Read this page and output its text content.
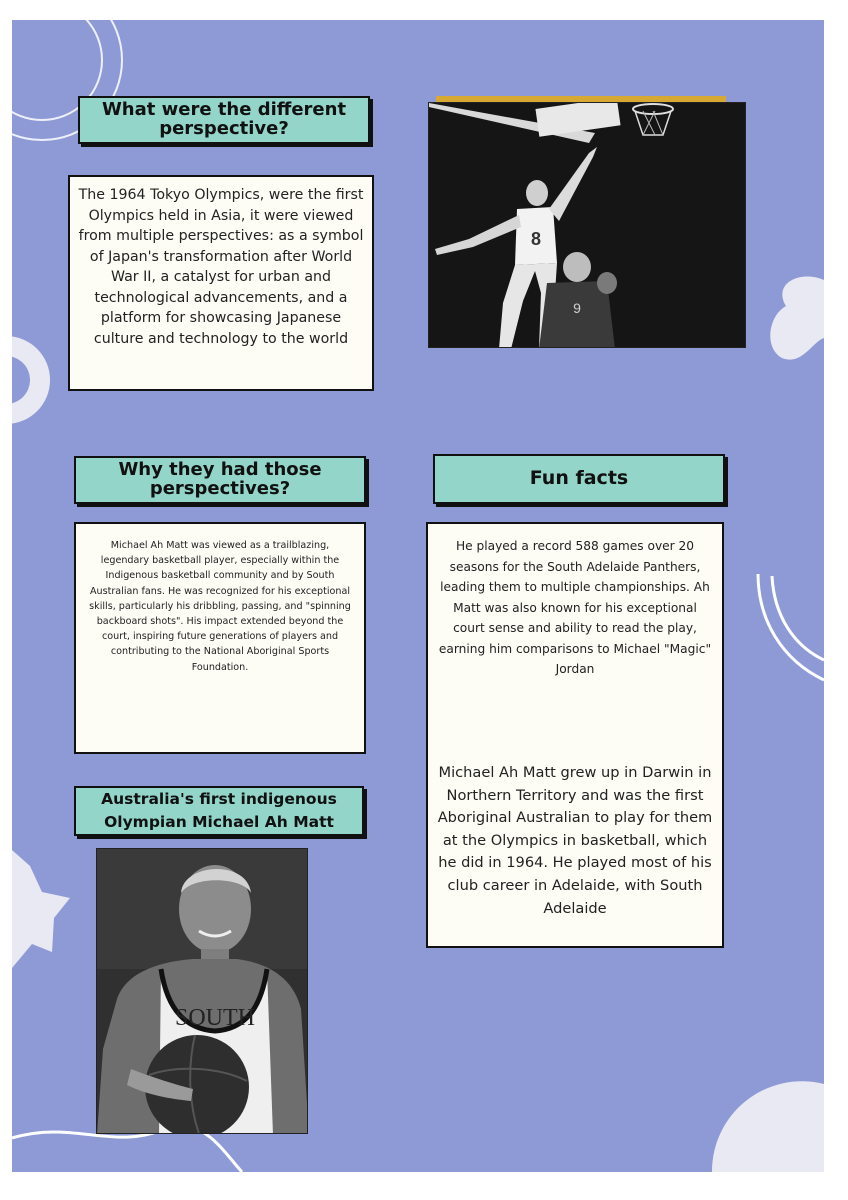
What were the different perspective?
The 1964 Tokyo Olympics, were the first Olympics held in Asia, it were viewed from multiple perspectives: as a symbol of Japan's transformation after World War II, a catalyst for urban and technological advancements, and a platform for showcasing Japanese culture and technology to the world
8
9
Why they had those perspectives?
Michael Ah Matt was viewed as a trailblazing, legendary basketball player, especially within the Indigenous basketball community and by South Australian fans. He was recognized for his exceptional skills, particularly his dribbling, passing, and "spinning backboard shots". His impact extended beyond the court, inspiring future generations of players and contributing to the National Aboriginal Sports Foundation.
Fun facts
He played a record 588 games over 20 seasons for the South Adelaide Panthers, leading them to multiple championships. Ah Matt was also known for his exceptional court sense and ability to read the play, earning him comparisons to Michael "Magic" Jordan
Michael Ah Matt grew up in Darwin in Northern Territory and was the first Aboriginal Australian to play for them at the Olympics in basketball, which he did in 1964. He played most of his club career in Adelaide, with South Adelaide
Australia's first indigenous Olympian Michael Ah Matt
SOUTH
